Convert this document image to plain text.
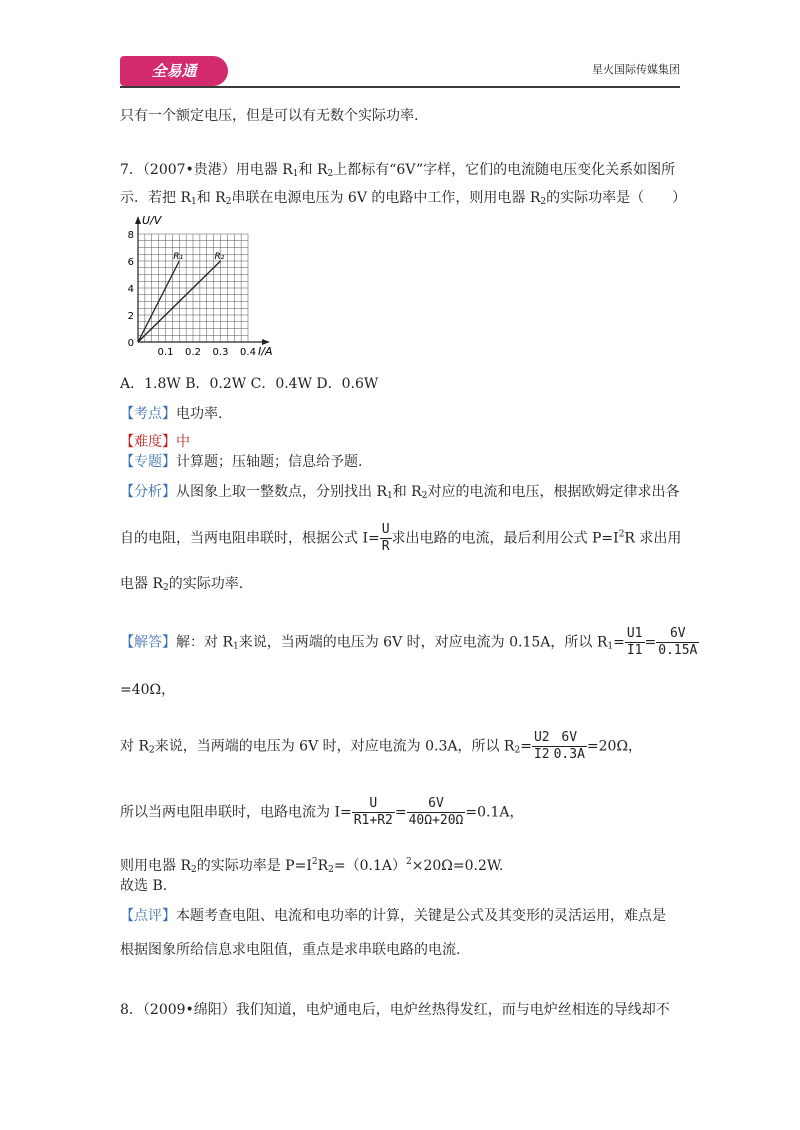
全易通	星火国际传媒集团
只有一个额定电压，但是可以有无数个实际功率.
7．（2007•贵港）用电器 $R_1$和 $R_2$上都标有“6V”字样，它们的电流随电压变化关系如图所
示．若把 $R_1$和 $R_2$串联在电源电压为 6V 的电路中工作，则用电器 $R_2$的实际功率是（　　）
R₁	R₂
0.1 0.2 0.3 0.4
0
2
4
6
8
U/V
I/A
A．1.8W B．0.2W C．0.4W D．0.6W
【考点】电功率.
【难度】中
【专题】计算题；压轴题；信息给予题.
【分析】从图象上取一整数点，分别找出 $R_1$和 $R_2$对应的电流和电压，根据欧姆定律求出各
自的电阻，当两电阻串联时，根据公式 $I= \frac{U}{R}$ 求出电路的电流，最后利用公式 $P=I^2R$ 求出用
电器 $R_2$的实际功率.
【解答】解：对 $R_1$来说，当两端的电压为 6V 时，对应电流为 0.15A，所以 $R_1= \frac{U1}{I1} = \frac{6V}{0.15A}$
=40Ω，
对 $R_2$来说，当两端的电压为 6V 时，对应电流为 0.3A，所以 $R_2= \frac{U2}{I2} \frac{6V}{0.3A} =20\Omega$，
所以当两电阻串联时，电路电流为 $I= \frac{U}{R1+R2} = \frac{6V}{40\Omega+20\Omega} =0.1A$，
则用电器 $R_2$的实际功率是 $P=I^2R_2=(0.1A)^2\times 20\Omega=0.2W$.
故选 B.
【点评】本题考查电阻、电流和电功率的计算，关键是公式及其变形的灵活运用，难点是
根据图象所给信息求电阻值，重点是求串联电路的电流.
8．（2009•绵阳）我们知道，电炉通电后，电炉丝热得发红，而与电炉丝相连的导线却不
